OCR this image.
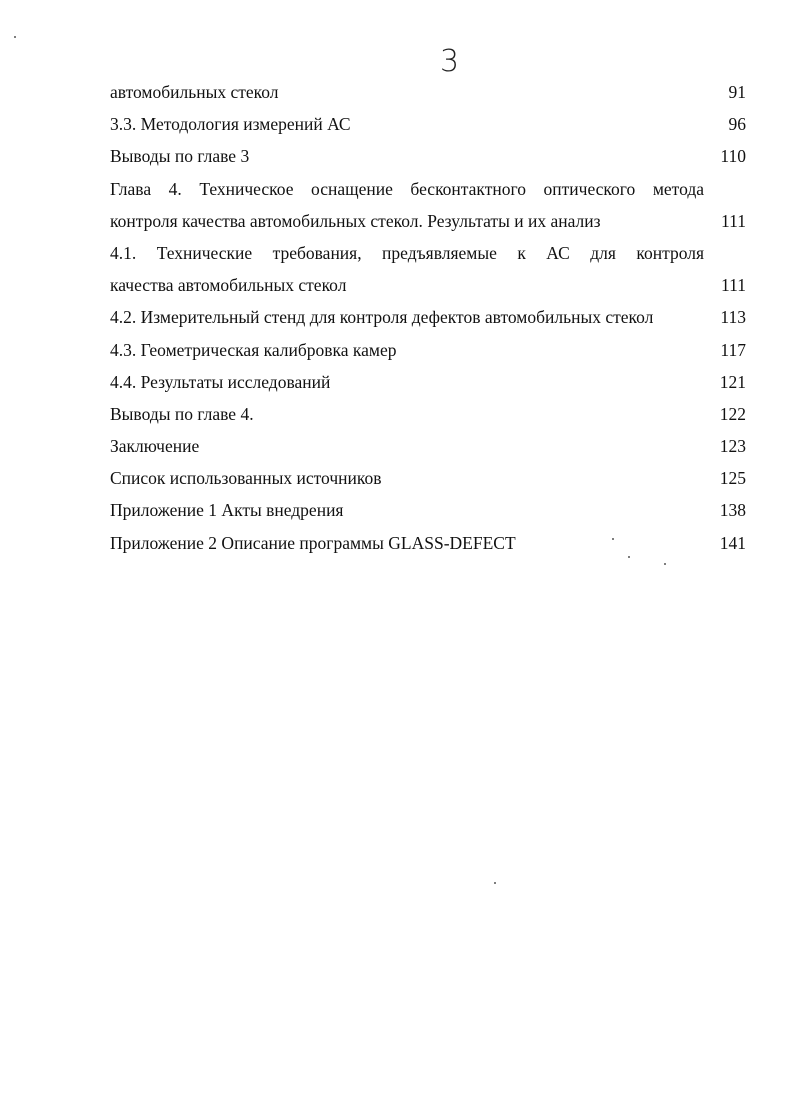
3
автомобильных стекол	91
3.3. Методология измерений АС	96
Выводы по главе 3	110
Глава 4. Техническое оснащение бесконтактного оптического метода
контроля качества автомобильных стекол. Результаты и их анализ	111
4.1. Технические требования, предъявляемые к АС для контроля
качества автомобильных стекол	111
4.2. Измерительный стенд для контроля дефектов автомобильных стекол	113
4.3. Геометрическая калибровка камер	117
4.4. Результаты исследований	121
Выводы по главе 4.	122
Заключение	123
Список использованных источников	125
Приложение 1 Акты внедрения	138
Приложение 2 Описание программы GLASS-DEFECT	141
